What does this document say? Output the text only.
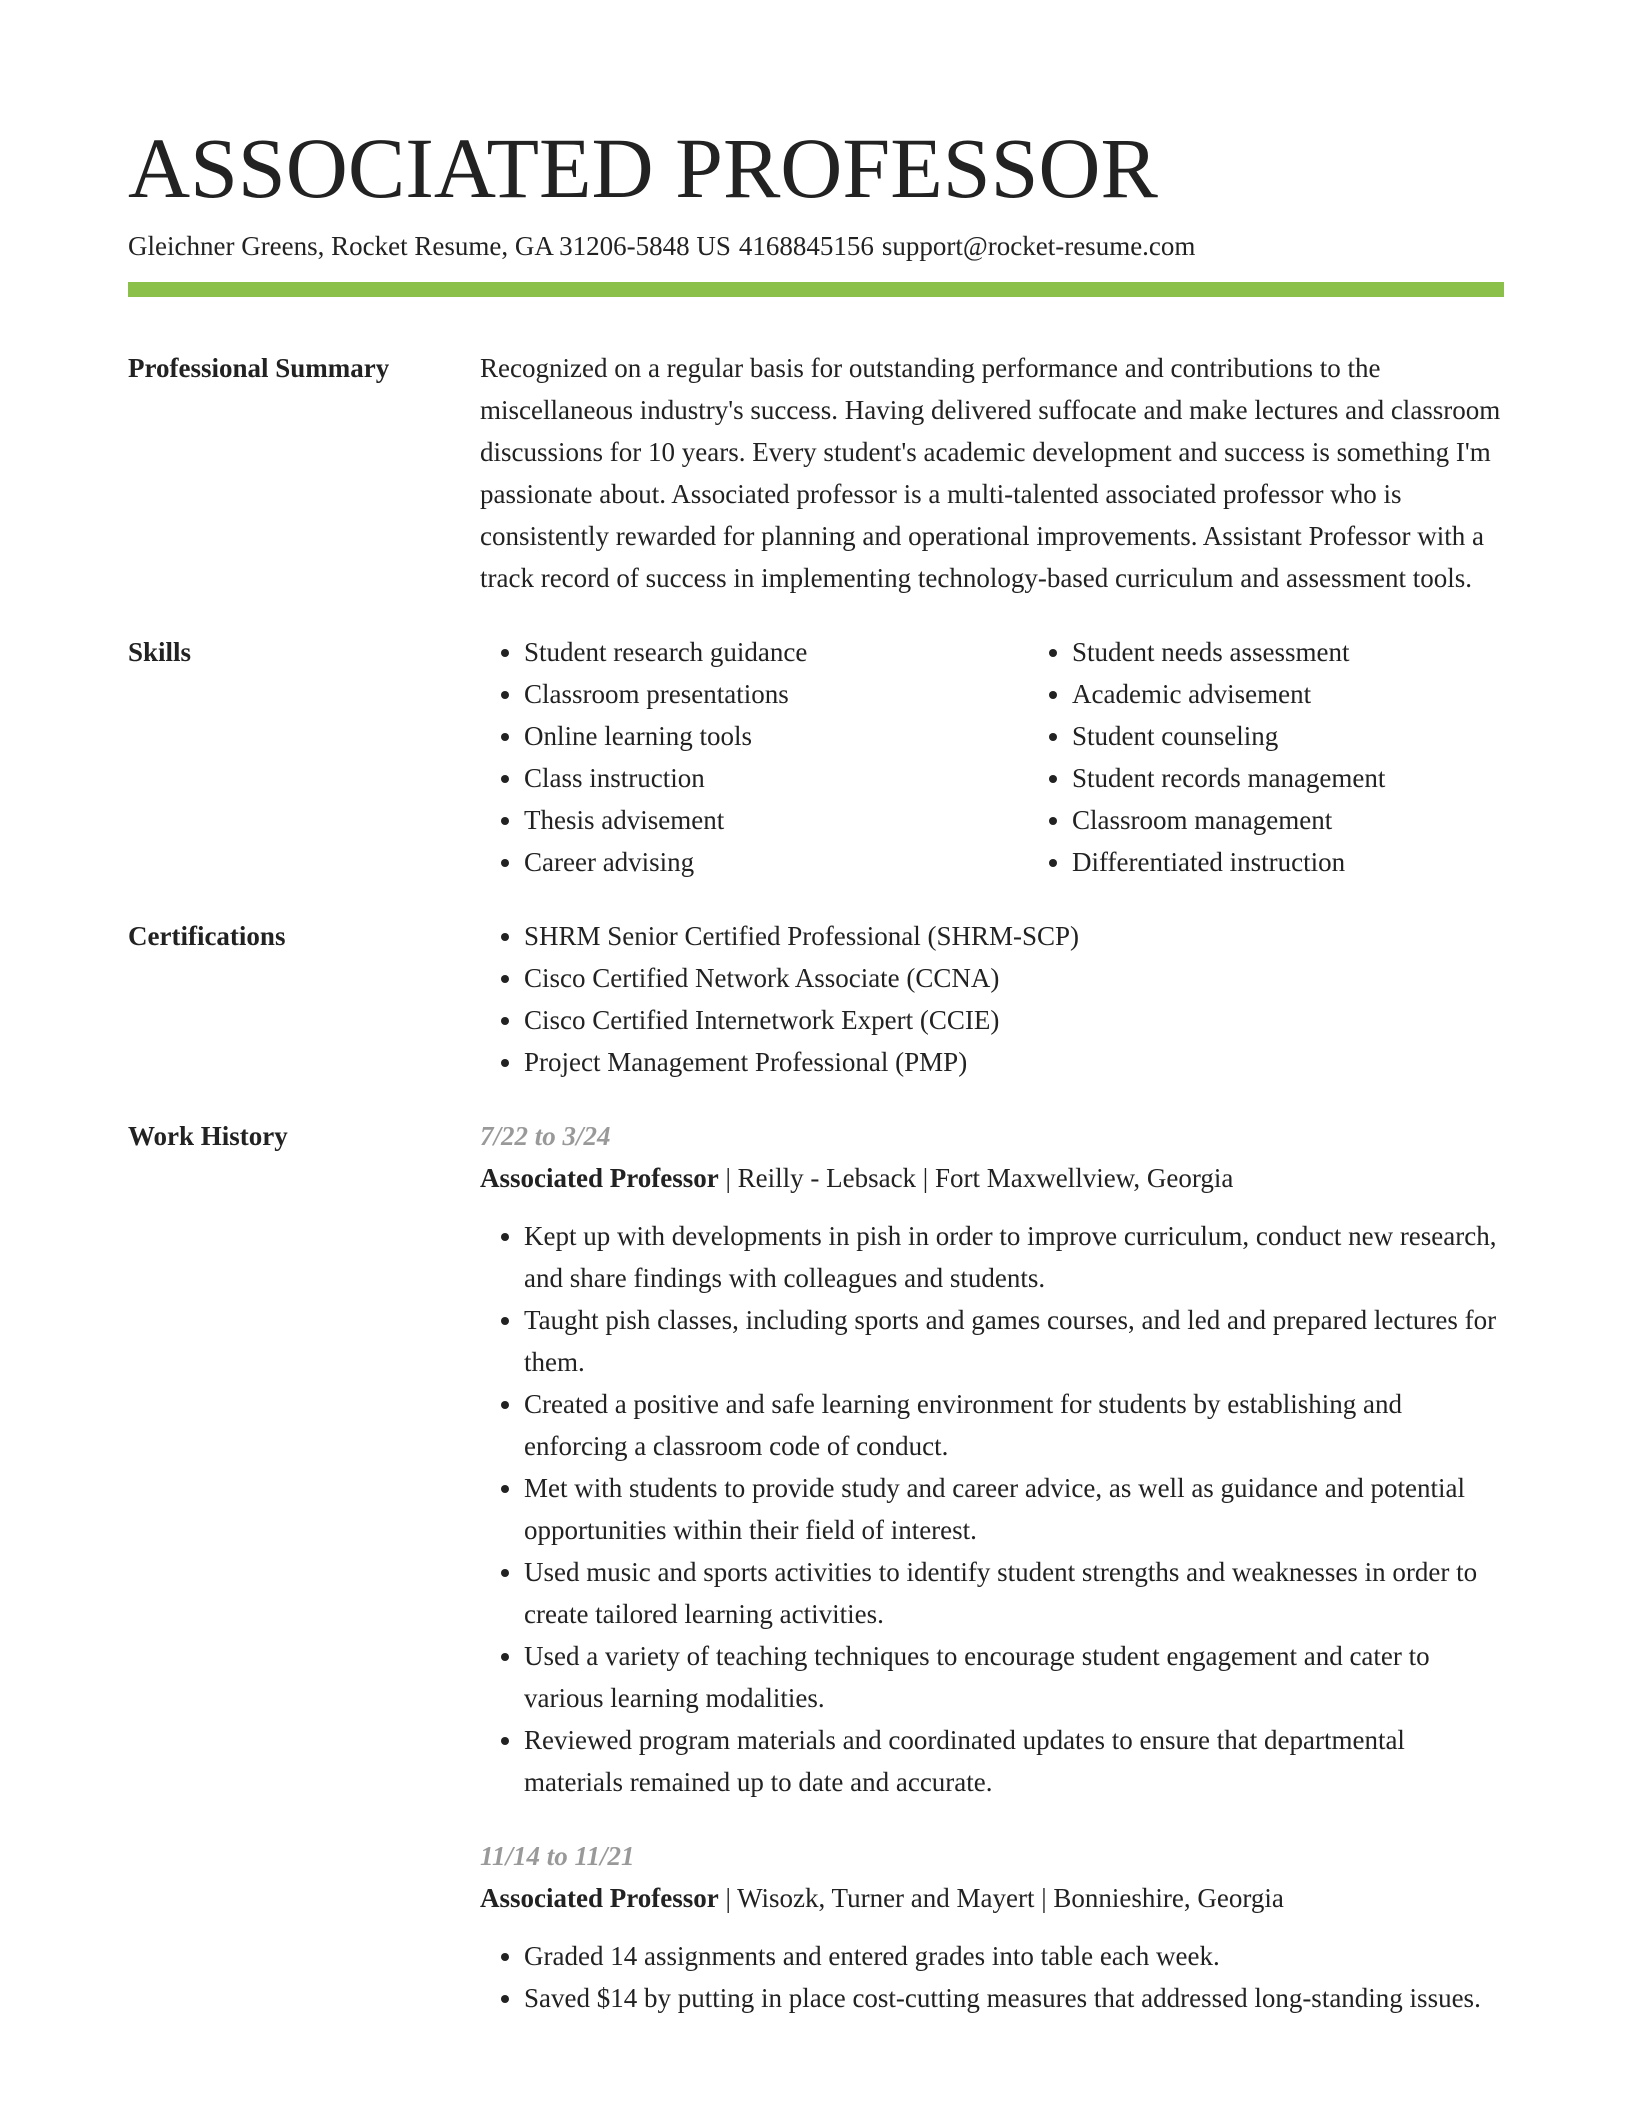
ASSOCIATED PROFESSOR
Gleichner Greens, Rocket Resume, GA 31206-5848 US 4168845156 support@rocket-resume.com
Professional Summary	Recognized on a regular basis for outstanding performance and contributions to the miscellaneous industry's success. Having delivered suffocate and make lectures and classroom discussions for 10 years. Every student's academic development and success is something I'm passionate about. Associated professor is a multi-talented associated professor who is consistently rewarded for planning and operational improvements. Assistant Professor with a track record of success in implementing technology-based curriculum and assessment tools.

Skills	• Student research guidance
• Classroom presentations
• Online learning tools
• Class instruction
• Thesis advisement
• Career advising
• Student needs assessment
• Academic advisement
• Student counseling
• Student records management
• Classroom management
• Differentiated instruction
Certifications	• SHRM Senior Certified Professional (SHRM-SCP)
• Cisco Certified Network Associate (CCNA)
• Cisco Certified Internetwork Expert (CCIE)
• Project Management Professional (PMP)
Work History	7/22 to 3/24
Associated Professor | Reilly - Lebsack | Fort Maxwellview, Georgia
• Kept up with developments in pish in order to improve curriculum, conduct new research, and share findings with colleagues and students.
• Taught pish classes, including sports and games courses, and led and prepared lectures for them.
• Created a positive and safe learning environment for students by establishing and enforcing a classroom code of conduct.
• Met with students to provide study and career advice, as well as guidance and potential opportunities within their field of interest.
• Used music and sports activities to identify student strengths and weaknesses in order to create tailored learning activities.
• Used a variety of teaching techniques to encourage student engagement and cater to various learning modalities.
• Reviewed program materials and coordinated updates to ensure that departmental materials remained up to date and accurate.
11/14 to 11/21
Associated Professor | Wisozk, Turner and Mayert | Bonnieshire, Georgia
• Graded 14 assignments and entered grades into table each week.
• Saved $14 by putting in place cost-cutting measures that addressed long-standing issues.
